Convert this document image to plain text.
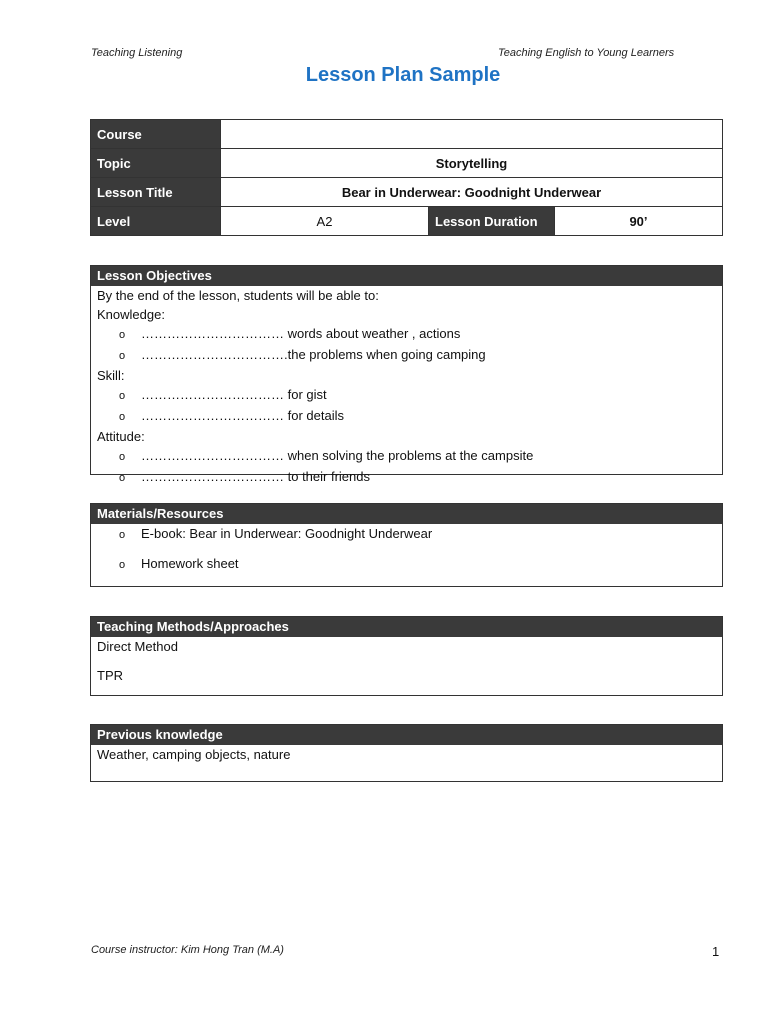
Teaching Listening	Teaching English to Young Learners
Lesson Plan Sample
Course			
Topic	Storytelling		
Lesson Title	Bear in Underwear: Goodnight Underwear		
Level	A2	Lesson Duration	90’
Lesson Objectives
By the end of the lesson, students will be able to:
Knowledge:
o …………………………… words about weather , actions
o …………………………….the problems when going camping
Skill:
o …………………………… for gist
o …………………………… for details
Attitude:
o …………………………… when solving the problems at the campsite
o …………………………… to their friends
Materials/Resources
o E-book: Bear in Underwear: Goodnight Underwear
o Homework sheet
Teaching Methods/Approaches
Direct Method
TPR
Previous knowledge
Weather, camping objects, nature
Course instructor: Kim Hong Tran (M.A)	1
